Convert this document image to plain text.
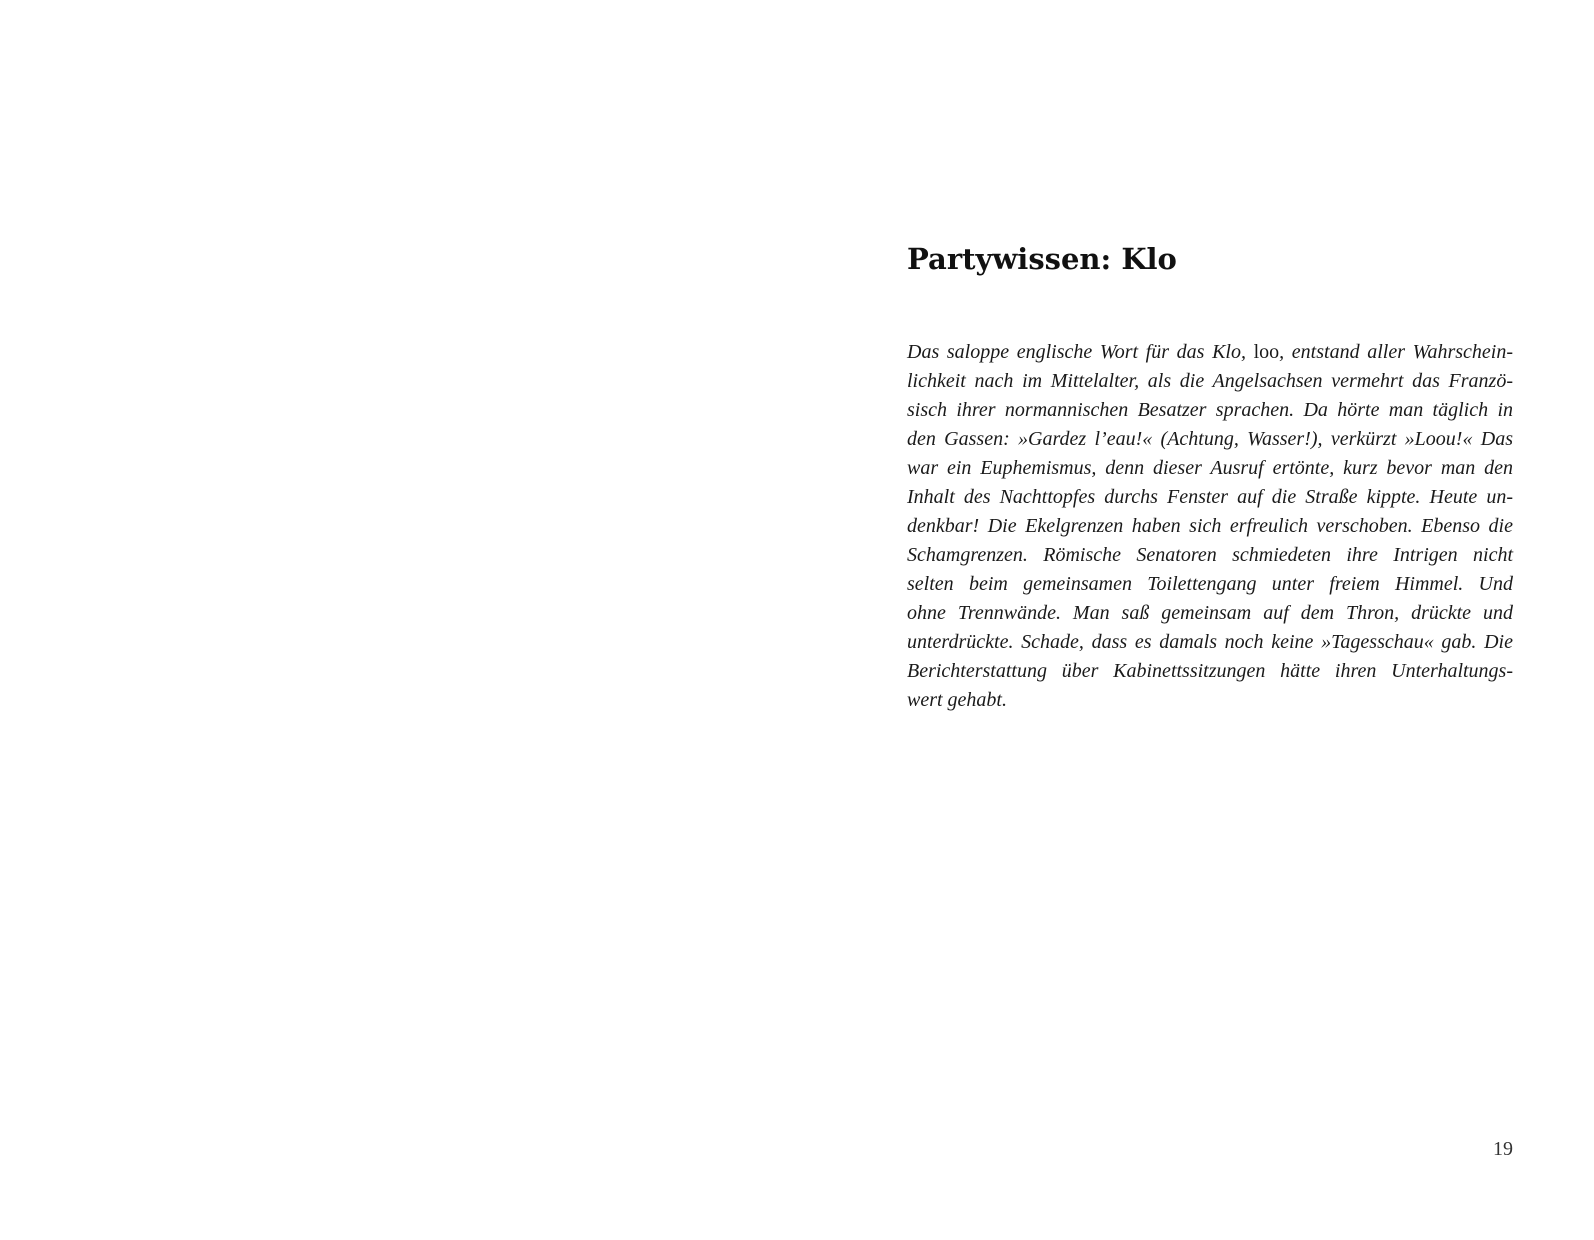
Partywissen: Klo

Das saloppe englische Wort für das Klo, loo, entstand aller Wahrschein-
lichkeit nach im Mittelalter, als die Angelsachsen vermehrt das Franzö-
sisch ihrer normannischen Besatzer sprachen. Da hörte man täglich in
den Gassen: »Gardez l’eau!« (Achtung, Wasser!), verkürzt »Loou!« Das
war ein Euphemismus, denn dieser Ausruf ertönte, kurz bevor man den
Inhalt des Nachttopfes durchs Fenster auf die Straße kippte. Heute un-
denkbar! Die Ekelgrenzen haben sich erfreulich verschoben. Ebenso die
Schamgrenzen. Römische Senatoren schmiedeten ihre Intrigen nicht
selten beim gemeinsamen Toilettengang unter freiem Himmel. Und
ohne Trennwände. Man saß gemeinsam auf dem Thron, drückte und
unterdrückte. Schade, dass es damals noch keine »Tagesschau« gab. Die
Berichterstattung über Kabinettssitzungen hätte ihren Unterhaltungs-
wert gehabt.

19
